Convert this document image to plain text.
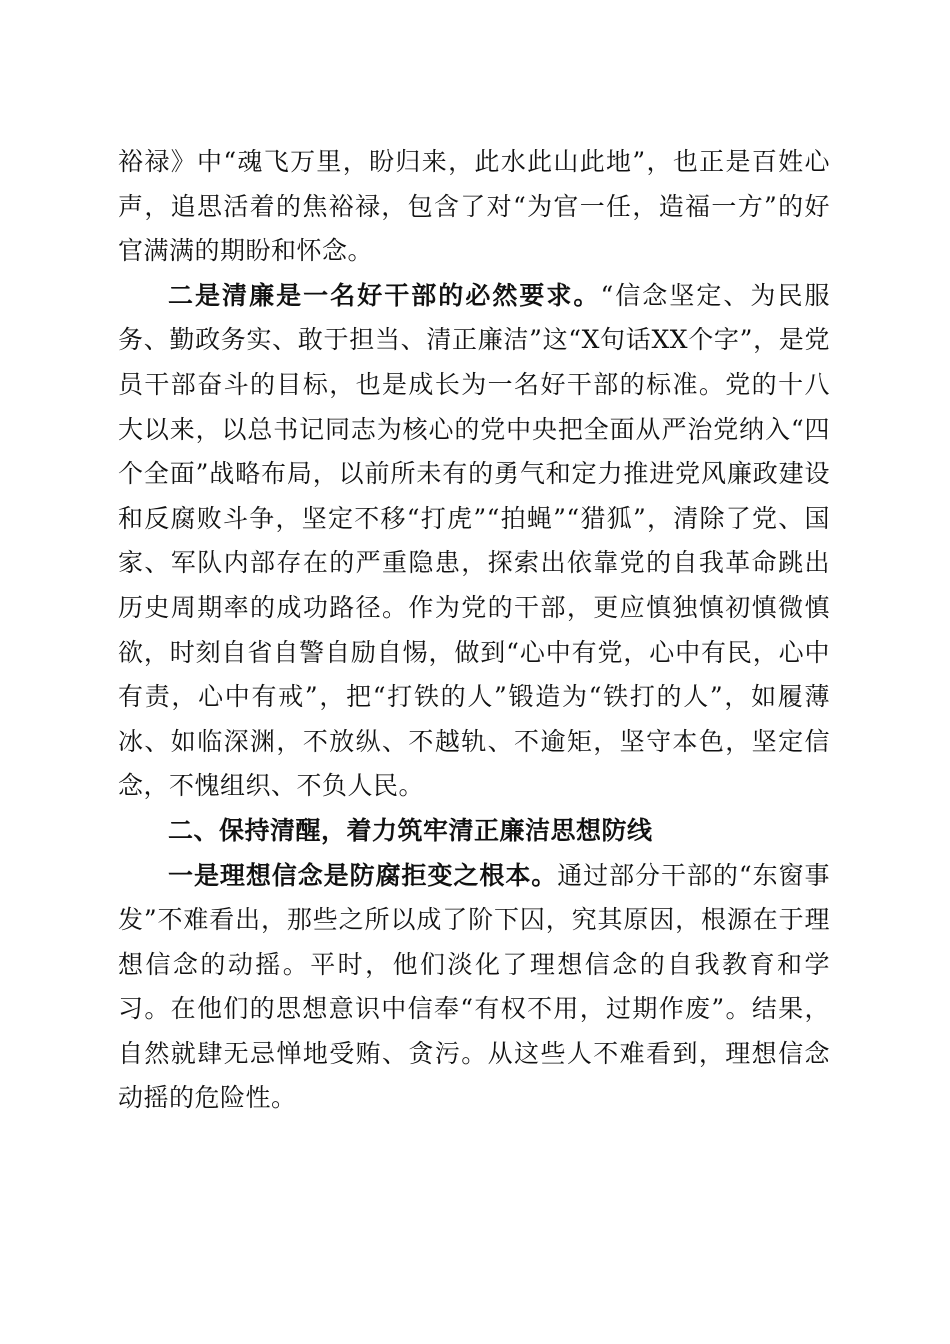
裕禄》中“魂飞万里，盼归来，此水此山此地”，也正是百姓心声，追思活着的焦裕禄，包含了对“为官一任，造福一方”的好官满满的期盼和怀念。

二是清廉是一名好干部的必然要求。“信念坚定、为民服务、勤政务实、敢于担当、清正廉洁”这“X句话XX个字”，是党员干部奋斗的目标，也是成长为一名好干部的标准。党的十八大以来，以总书记同志为核心的党中央把全面从严治党纳入“四个全面”战略布局，以前所未有的勇气和定力推进党风廉政建设和反腐败斗争，坚定不移“打虎”“拍蝇”“猎狐”，清除了党、国家、军队内部存在的严重隐患，探索出依靠党的自我革命跳出历史周期率的成功路径。作为党的干部，更应慎独慎初慎微慎欲，时刻自省自警自励自惕，做到“心中有党，心中有民，心中有责，心中有戒”，把“打铁的人”锻造为“铁打的人”，如履薄冰、如临深渊，不放纵、不越轨、不逾矩，坚守本色，坚定信念，不愧组织、不负人民。

二、保持清醒，着力筑牢清正廉洁思想防线

一是理想信念是防腐拒变之根本。通过部分干部的“东窗事发”不难看出，那些之所以成了阶下囚，究其原因，根源在于理想信念的动摇。平时，他们淡化了理想信念的自我教育和学习。在他们的思想意识中信奉“有权不用，过期作废”。结果，自然就肆无忌惮地受贿、贪污。从这些人不难看到，理想信念动摇的危险性。
